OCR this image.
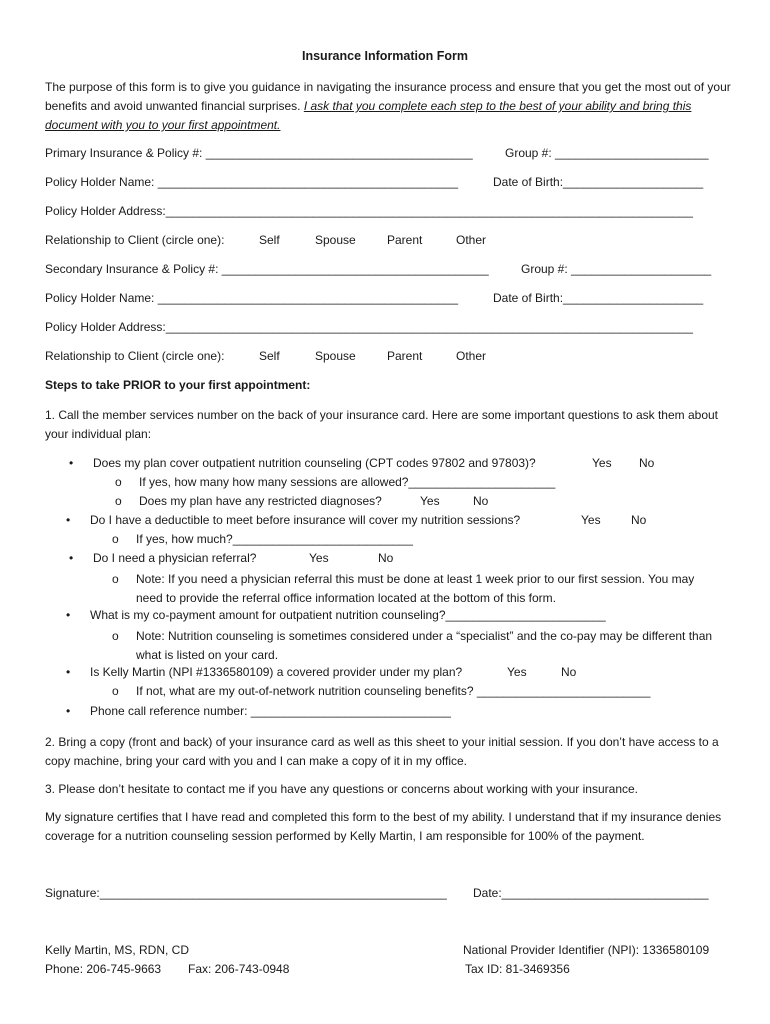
Insurance Information Form
The purpose of this form is to give you guidance in navigating the insurance process and ensure that you get the most out of your benefits and avoid unwanted financial surprises. I ask that you complete each step to the best of your ability and bring this document with you to your first appointment.
Primary Insurance & Policy #: ________________________________________	Group #: _______________________
Policy Holder Name: _____________________________________________	Date of Birth:_____________________
Policy Holder Address:_______________________________________________________________________________
Relationship to Client (circle one):	Self	Spouse	Parent	Other
Secondary Insurance & Policy #: ________________________________________	Group #: _____________________
Policy Holder Name: _____________________________________________	Date of Birth:_____________________
Policy Holder Address:_______________________________________________________________________________
Relationship to Client (circle one):	Self	Spouse	Parent	Other
Steps to take PRIOR to your first appointment:
1. Call the member services number on the back of your insurance card. Here are some important questions to ask them about your individual plan:
• Does my plan cover outpatient nutrition counseling (CPT codes 97802 and 97803)?	Yes No
o If yes, how many how many sessions are allowed?______________________
o Does my plan have any restricted diagnoses?	Yes	No
• Do I have a deductible to meet before insurance will cover my nutrition sessions?	Yes	No
o If yes, how much?___________________________
• Do I need a physician referral?	Yes	No
o Note: If you need a physician referral this must be done at least 1 week prior to our first session. You may need to provide the referral office information located at the bottom of this form.
• What is my co-payment amount for outpatient nutrition counseling?________________________
o Note: Nutrition counseling is sometimes considered under a “specialist” and the co-pay may be different than what is listed on your card.
• Is Kelly Martin (NPI #1336580109) a covered provider under my plan?	Yes	No
o If not, what are my out-of-network nutrition counseling benefits? __________________________
• Phone call reference number: ______________________________
2. Bring a copy (front and back) of your insurance card as well as this sheet to your initial session. If you don’t have access to a copy machine, bring your card with you and I can make a copy of it in my office.
3. Please don’t hesitate to contact me if you have any questions or concerns about working with your insurance.
My signature certifies that I have read and completed this form to the best of my ability. I understand that if my insurance denies coverage for a nutrition counseling session performed by Kelly Martin, I am responsible for 100% of the payment.
Signature:____________________________________________________ Date:_______________________________
Kelly Martin, MS, RDN, CD
Phone: 206-745-9663 Fax: 206-743-0948
National Provider Identifier (NPI): 1336580109
Tax ID: 81-3469356
